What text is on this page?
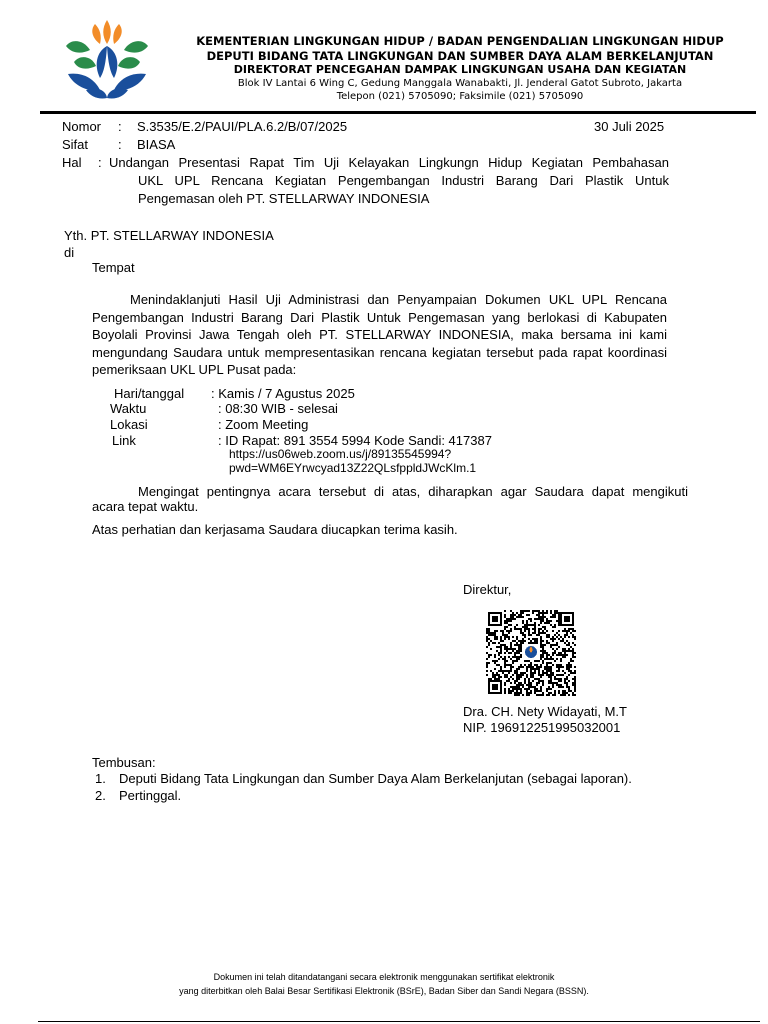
KEMENTERIAN LINGKUNGAN HIDUP / BADAN PENGENDALIAN LINGKUNGAN HIDUP
DEPUTI BIDANG TATA LINGKUNGAN DAN SUMBER DAYA ALAM BERKELANJUTAN
DIREKTORAT PENCEGAHAN DAMPAK LINGKUNGAN USAHA DAN KEGIATAN
Blok IV Lantai 6 Wing C, Gedung Manggala Wanabakti, Jl. Jenderal Gatot Subroto, Jakarta
Telepon (021) 5705090; Faksimile (021) 5705090
Nomor : S.3535/E.2/PAUI/PLA.6.2/B/07/2025	30 Juli 2025
Sifat : BIASA
Hal : Undangan Presentasi Rapat Tim Uji Kelayakan Lingkungn Hidup Kegiatan Pembahasan
UKL UPL Rencana Kegiatan Pengembangan Industri Barang Dari Plastik Untuk
Pengemasan oleh PT. STELLARWAY INDONESIA
Yth. PT. STELLARWAY INDONESIA
di
Tempat
Menindaklanjuti Hasil Uji Administrasi dan Penyampaian Dokumen UKL UPL Rencana
Pengembangan Industri Barang Dari Plastik Untuk Pengemasan yang berlokasi di Kabupaten
Boyolali Provinsi Jawa Tengah oleh PT. STELLARWAY INDONESIA, maka bersama ini kami
mengundang Saudara untuk mempresentasikan rencana kegiatan tersebut pada rapat koordinasi
pemeriksaan UKL UPL Pusat pada:
Hari/tanggal : Kamis / 7 Agustus 2025
Waktu	: 08:30 WIB - selesai
Lokasi	: Zoom Meeting
Link	: ID Rapat: 891 3554 5994 Kode Sandi: 417387
https://us06web.zoom.us/j/89135545994?
pwd=WM6EYrwcyad13Z22QLsfppldJWcKlm.1
Mengingat pentingnya acara tersebut di atas, diharapkan agar Saudara dapat mengikuti
acara tepat waktu.
Atas perhatian dan kerjasama Saudara diucapkan terima kasih.
Direktur,
Dra. CH. Nety Widayati, M.T
NIP. 196912251995032001
Tembusan:
1. Deputi Bidang Tata Lingkungan dan Sumber Daya Alam Berkelanjutan (sebagai laporan).
2. Pertinggal.
Dokumen ini telah ditandatangani secara elektronik menggunakan sertifikat elektronik
yang diterbitkan oleh Balai Besar Sertifikasi Elektronik (BSrE), Badan Siber dan Sandi Negara (BSSN).
